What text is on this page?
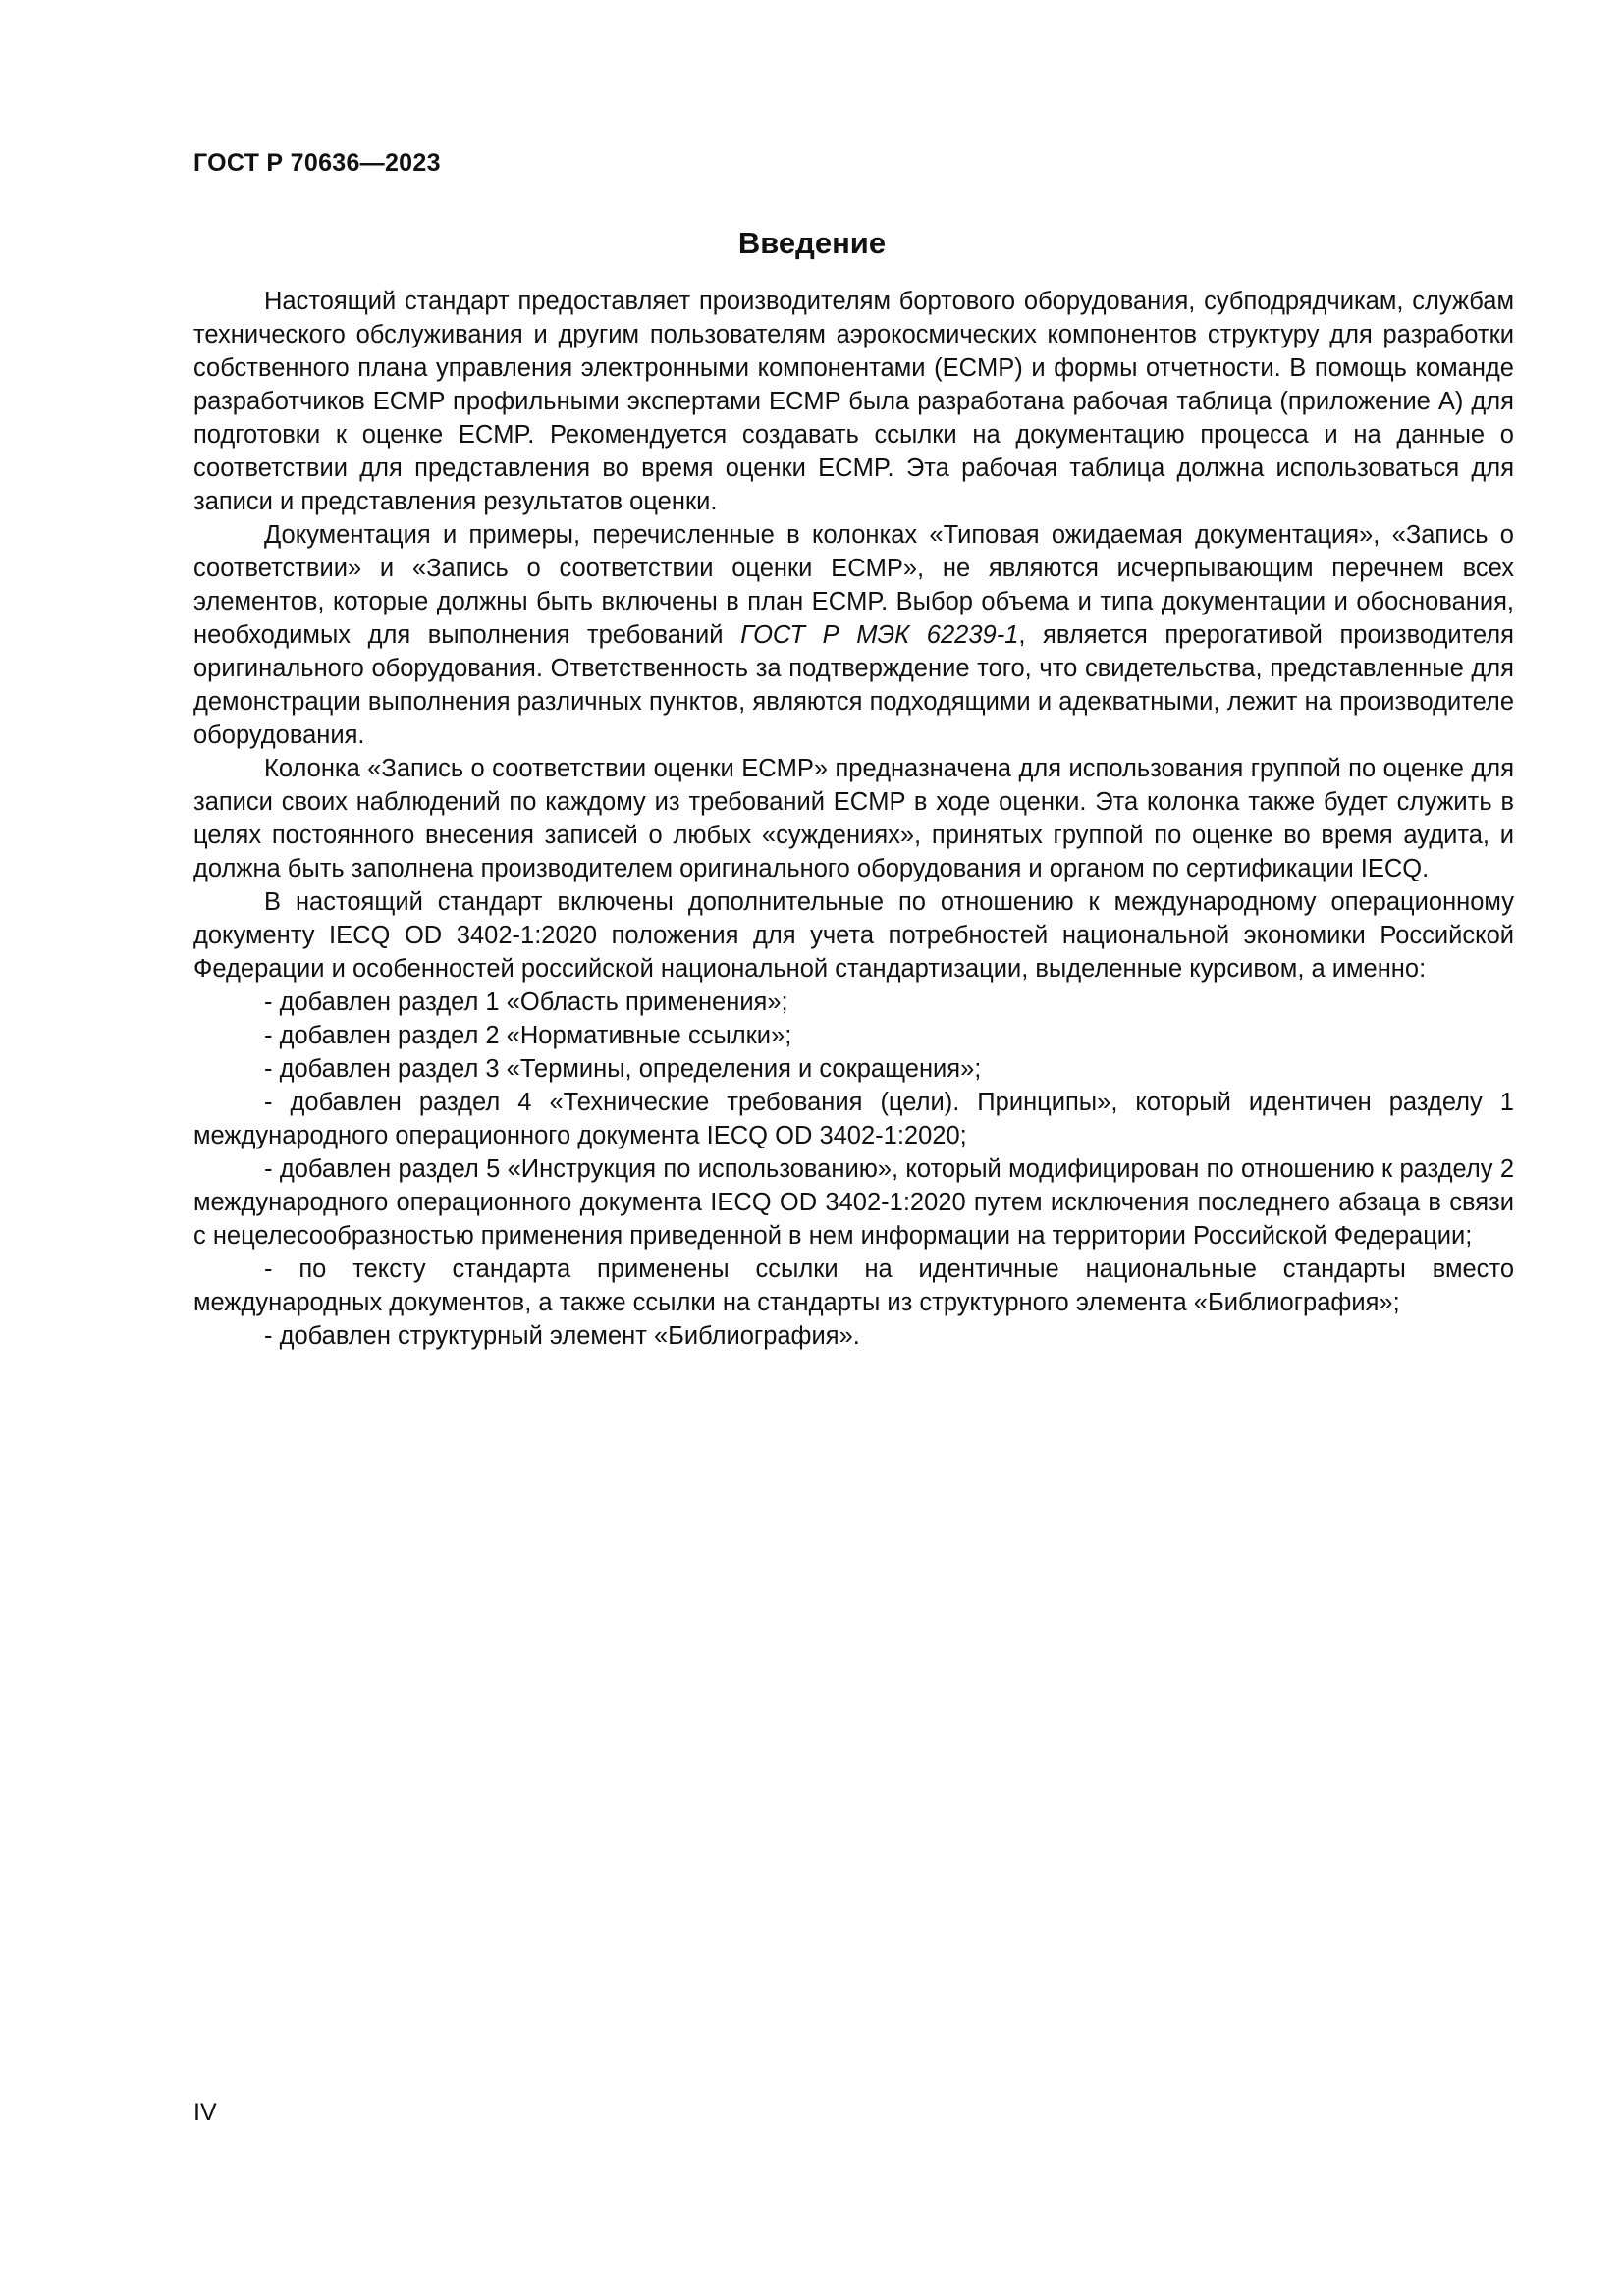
ГОСТ Р 70636—2023
Введение

Настоящий стандарт предоставляет производителям бортового оборудования, субподрядчикам, службам технического обслуживания и другим пользователям аэрокосмических компонентов структуру для разработки собственного плана управления электронными компонентами (ECMP) и формы отчетности. В помощь команде разработчиков ECMP профильными экспертами ECMP была разработана рабочая таблица (приложение А) для подготовки к оценке ECMP. Рекомендуется создавать ссылки на документацию процесса и на данные о соответствии для представления во время оценки ECMP. Эта рабочая таблица должна использоваться для записи и представления результатов оценки.

Документация и примеры, перечисленные в колонках «Типовая ожидаемая документация», «Запись о соответствии» и «Запись о соответствии оценки ECMP», не являются исчерпывающим перечнем всех элементов, которые должны быть включены в план ECMP. Выбор объема и типа документации и обоснования, необходимых для выполнения требований ГОСТ Р МЭК 62239-1, является прерогативой производителя оригинального оборудования. Ответственность за подтверждение того, что свидетельства, представленные для демонстрации выполнения различных пунктов, являются подходящими и адекватными, лежит на производителе оборудования.

Колонка «Запись о соответствии оценки ECMP» предназначена для использования группой по оценке для записи своих наблюдений по каждому из требований ECMP в ходе оценки. Эта колонка также будет служить в целях постоянного внесения записей о любых «суждениях», принятых группой по оценке во время аудита, и должна быть заполнена производителем оригинального оборудования и органом по сертификации IECQ.

В настоящий стандарт включены дополнительные по отношению к международному операционному документу IECQ OD 3402-1:2020 положения для учета потребностей национальной экономики Российской Федерации и особенностей российской национальной стандартизации, выделенные курсивом, а именно:

- добавлен раздел 1 «Область применения»;

- добавлен раздел 2 «Нормативные ссылки»;

- добавлен раздел 3 «Термины, определения и сокращения»;

- добавлен раздел 4 «Технические требования (цели). Принципы», который идентичен разделу 1 международного операционного документа IECQ OD 3402-1:2020;

- добавлен раздел 5 «Инструкция по использованию», который модифицирован по отношению к разделу 2 международного операционного документа IECQ OD 3402-1:2020 путем исключения последнего абзаца в связи с нецелесообразностью применения приведенной в нем информации на территории Российской Федерации;

- по тексту стандарта применены ссылки на идентичные национальные стандарты вместо международных документов, а также ссылки на стандарты из структурного элемента «Библиография»;

- добавлен структурный элемент «Библиография».

IV
